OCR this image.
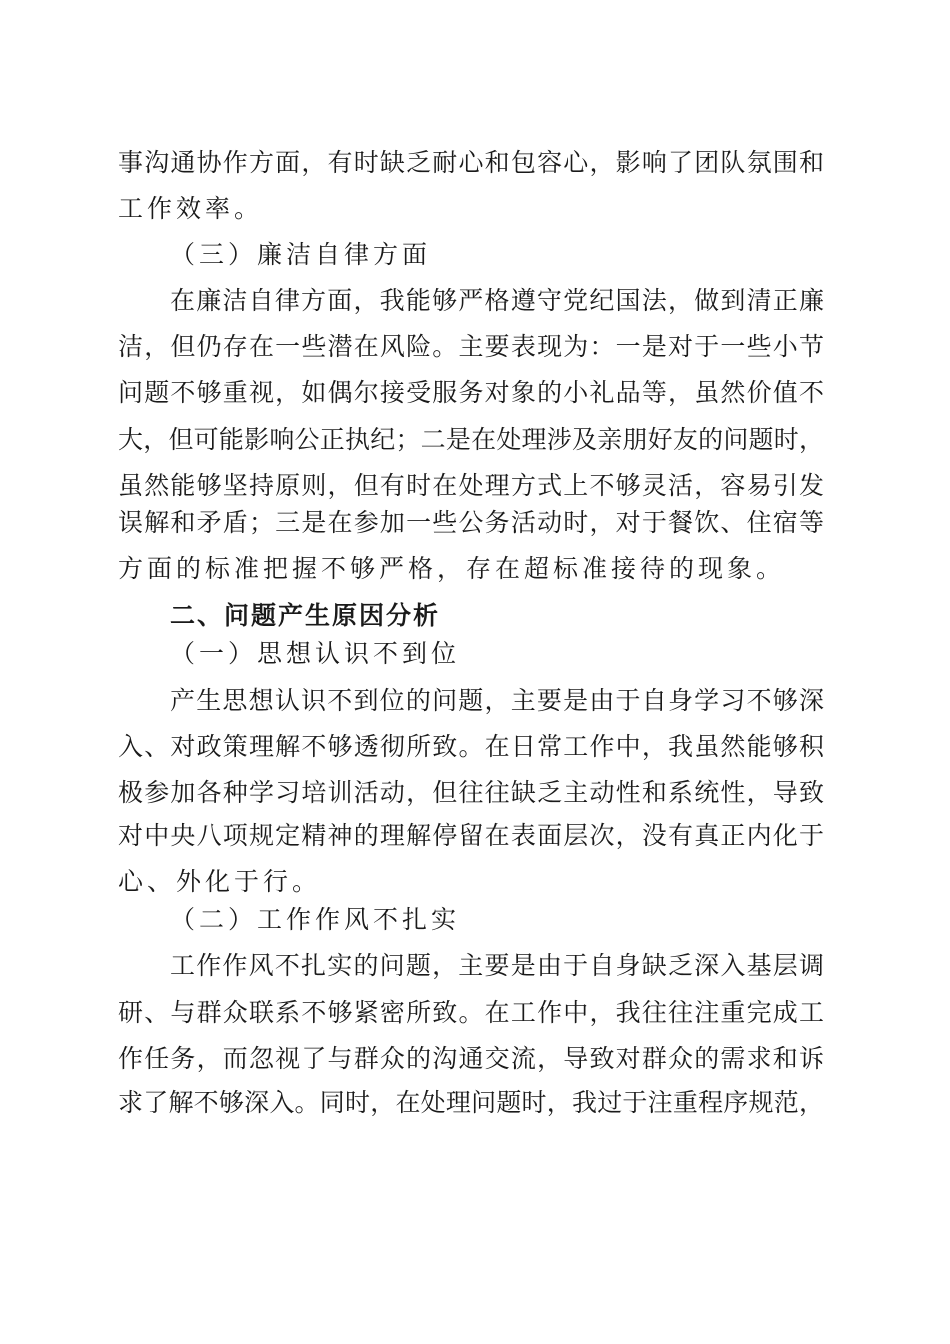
事沟通协作方面，有时缺乏耐心和包容心，影响了团队氛围和
工作效率。
（三）廉洁自律方面
在廉洁自律方面，我能够严格遵守党纪国法，做到清正廉
洁，但仍存在一些潜在风险。主要表现为：一是对于一些小节
问题不够重视，如偶尔接受服务对象的小礼品等，虽然价值不
大，但可能影响公正执纪；二是在处理涉及亲朋好友的问题时，
虽然能够坚持原则，但有时在处理方式上不够灵活，容易引发
误解和矛盾；三是在参加一些公务活动时，对于餐饮、住宿等
方面的标准把握不够严格，存在超标准接待的现象。
二、问题产生原因分析
（一）思想认识不到位
产生思想认识不到位的问题，主要是由于自身学习不够深
入、对政策理解不够透彻所致。在日常工作中，我虽然能够积
极参加各种学习培训活动，但往往缺乏主动性和系统性，导致
对中央八项规定精神的理解停留在表面层次，没有真正内化于
心、外化于行。
（二）工作作风不扎实
工作作风不扎实的问题，主要是由于自身缺乏深入基层调
研、与群众联系不够紧密所致。在工作中，我往往注重完成工
作任务，而忽视了与群众的沟通交流，导致对群众的需求和诉
求了解不够深入。同时，在处理问题时，我过于注重程序规范，
